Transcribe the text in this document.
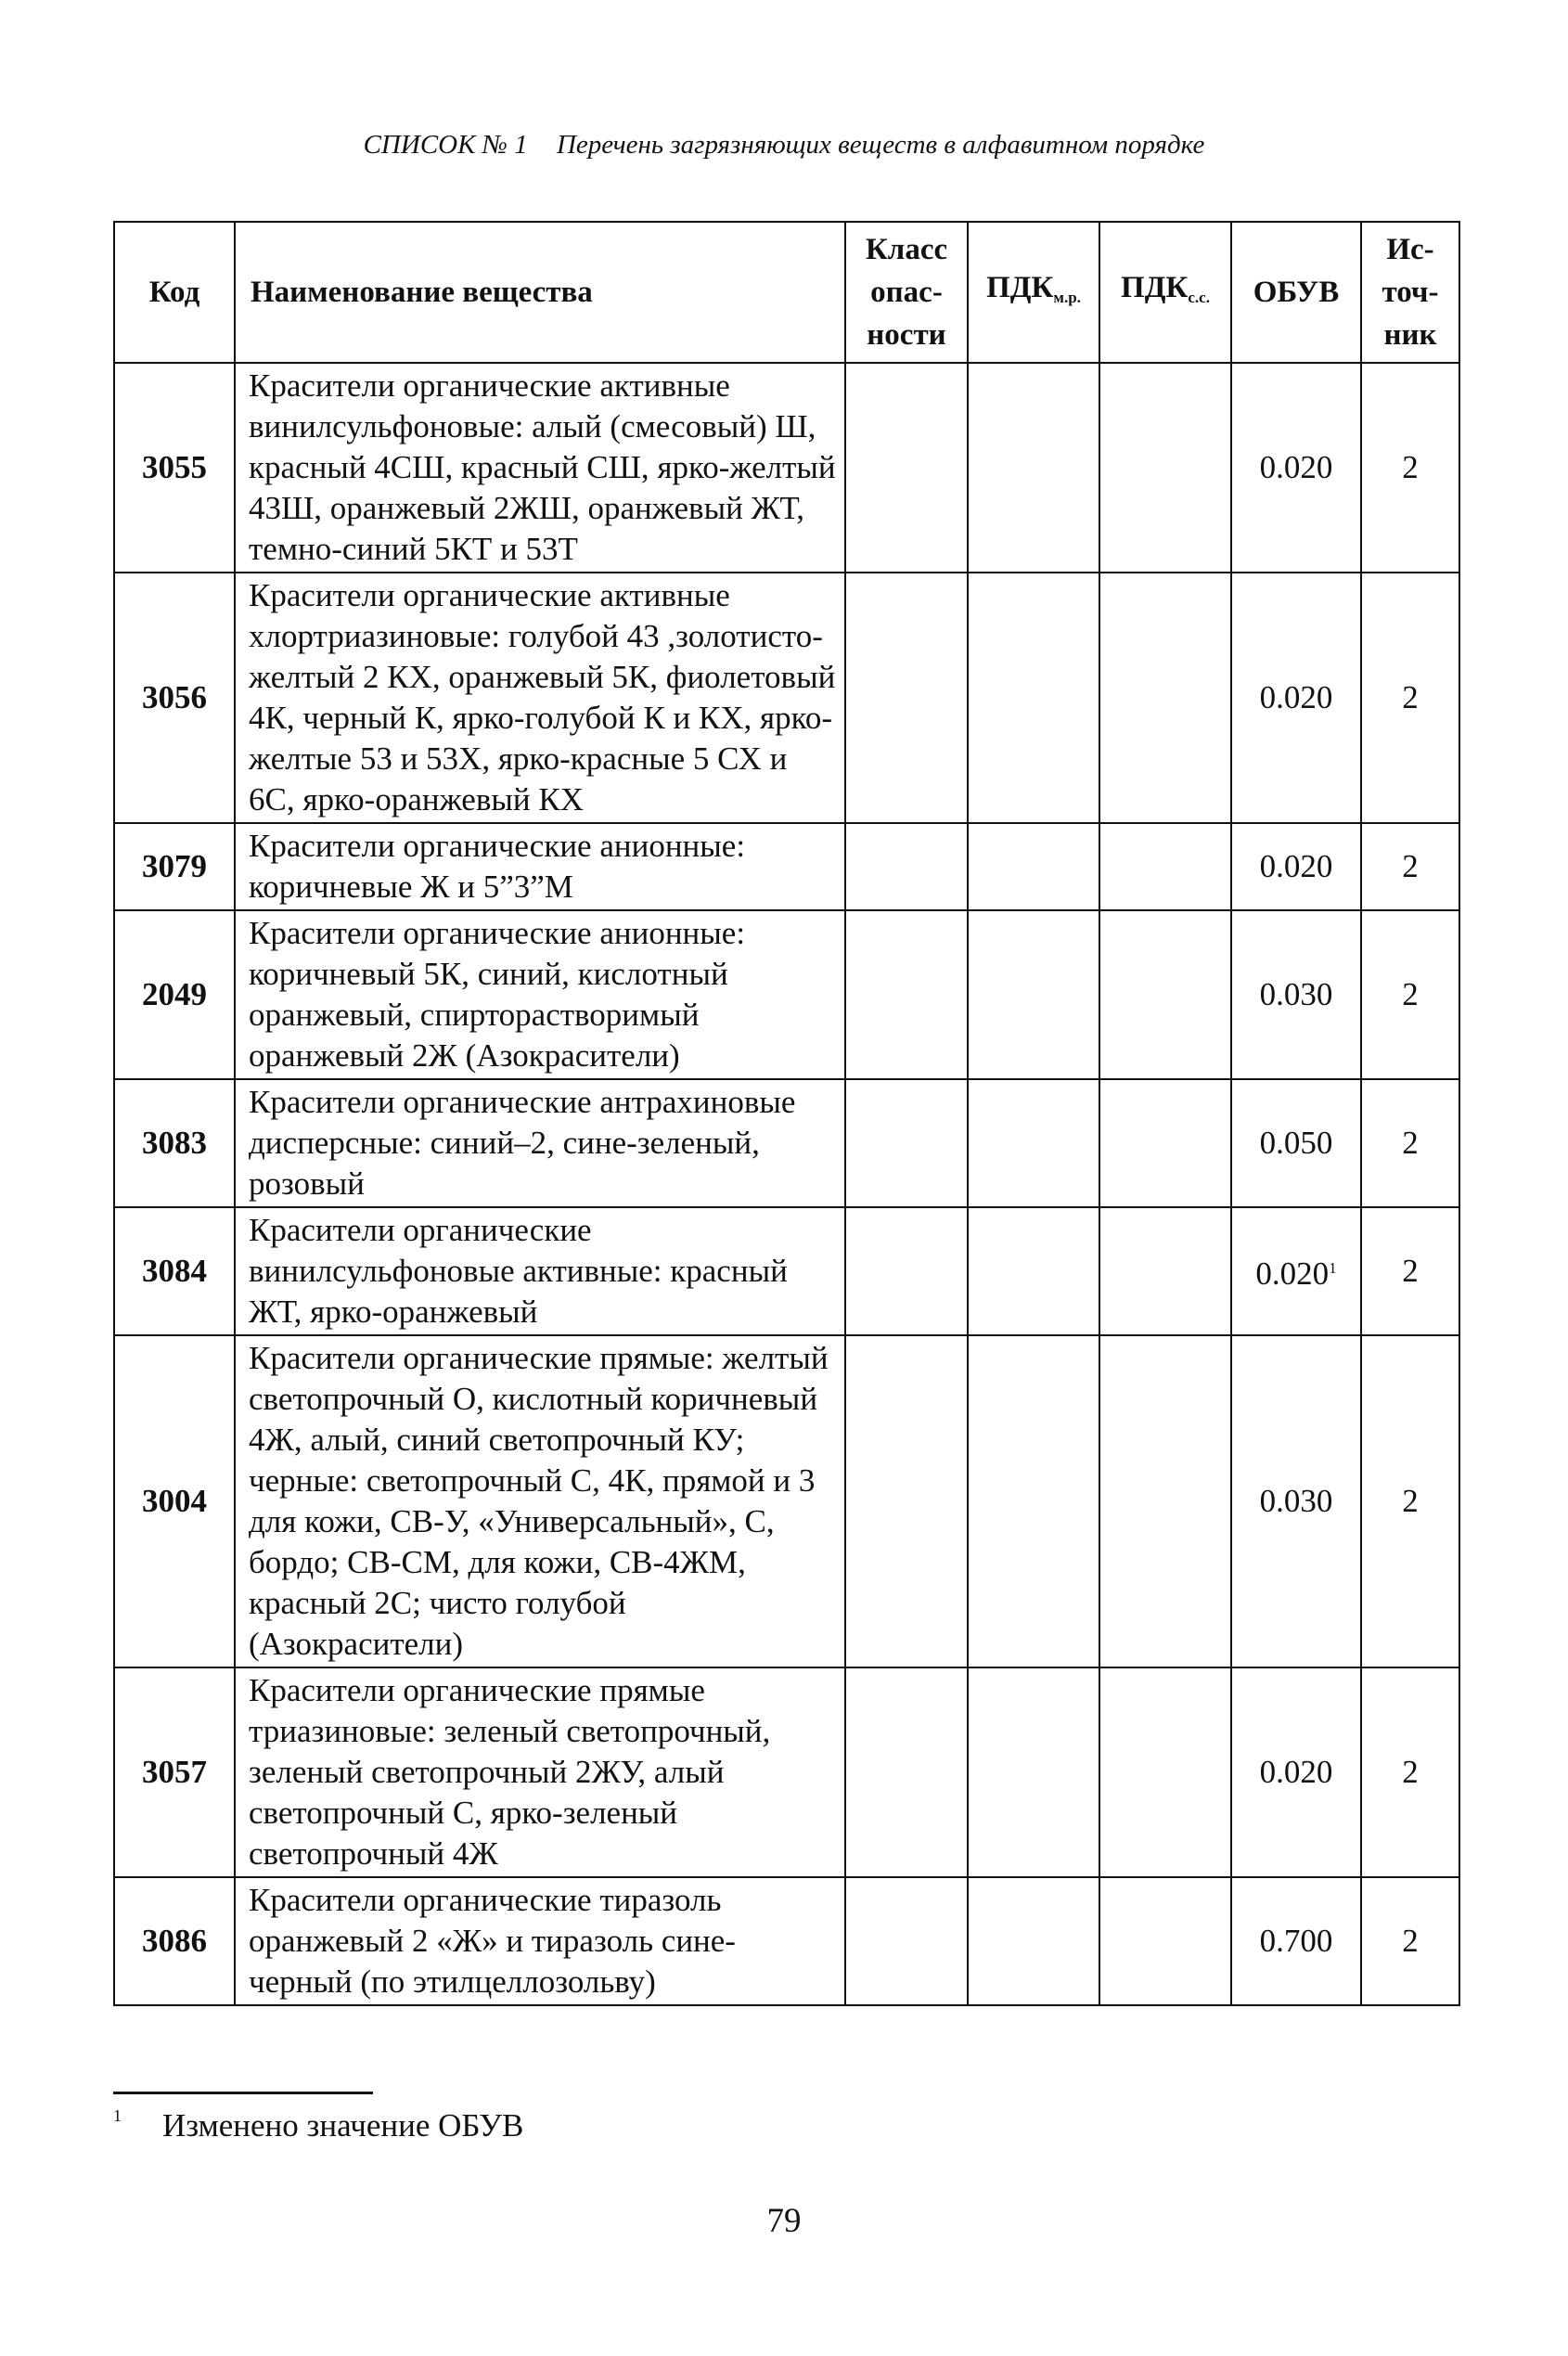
СПИСОК № 1 Перечень загрязняющих веществ в алфавитном порядке
Код	Наименование вещества	Класс опас- ности	$ПДК_{м.р.}$	$ПДК_{с.с.}$	ОБУВ	Ис- точ- ник
3055	Красители органические активные винилсульфоновые: алый (смесовый) Ш, красный 4СШ, красный СШ, ярко-желтый 43Ш, оранжевый 2ЖШ, оранжевый ЖТ, темно-синий 5КТ и 53Т				0.020	2
3056	Красители органические активные хлортриазиновые: голубой 43 ,золотисто-желтый 2 КХ, оранжевый 5К, фиолетовый 4К, черный К, ярко-голубой К и КХ, ярко-желтые 53 и 53Х, ярко-красные 5 СХ и 6С, ярко-оранжевый КХ				0.020	2
3079	Красители органические анионные: коричневые Ж и 5”3”М				0.020	2
2049	Красители органические анионные: коричневый 5К, синий, кислотный оранжевый, спирторастворимый оранжевый 2Ж (Азокрасители)				0.030	2
3083	Красители органические антрахиновые дисперсные: синий–2, сине-зеленый, розовый				0.050	2
3084	Красители органические винилсульфоновые активные: красный ЖТ, ярко-оранжевый				0.020$^1$	2
3004	Красители органические прямые: желтый светопрочный О, кислотный коричневый 4Ж, алый, синий светопрочный КУ; черные: светопрочный С, 4К, прямой и 3 для кожи, СВ-У, «Универсальный», С, бордо; СВ-СМ, для кожи, СВ-4ЖМ, красный 2С; чисто голубой (Азокрасители)				0.030	2
3057	Красители органические прямые триазиновые: зеленый светопрочный, зеленый светопрочный 2ЖУ, алый светопрочный С, ярко-зеленый светопрочный 4Ж				0.020	2
3086	Красители органические тиразоль оранжевый 2 «Ж» и тиразоль сине-черный (по этилцеллозольву)				0.700	2
$^1$ Изменено значение ОБУВ
79
